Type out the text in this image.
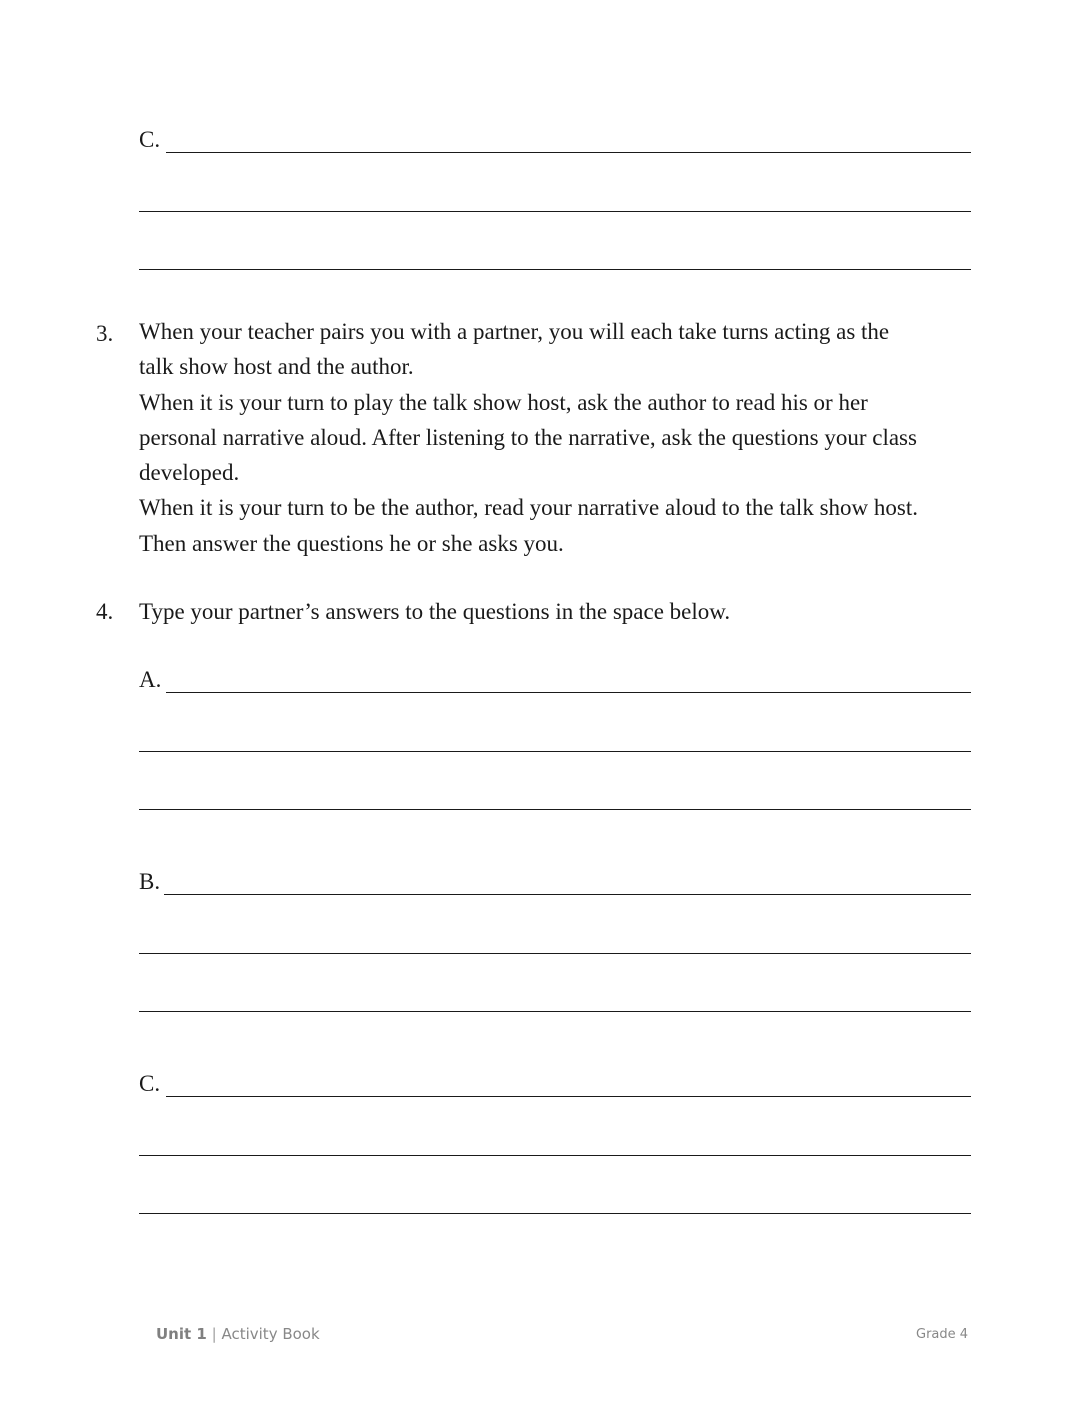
C.
3. When your teacher pairs you with a partner, you will each take turns acting as the
talk show host and the author.
When it is your turn to play the talk show host, ask the author to read his or her
personal narrative aloud. After listening to the narrative, ask the questions your class
developed.
When it is your turn to be the author, read your narrative aloud to the talk show host.
Then answer the questions he or she asks you.
4. Type your partner’s answers to the questions in the space below.
A.
B.
C.
Unit 1 | Activity Book	Grade 4
